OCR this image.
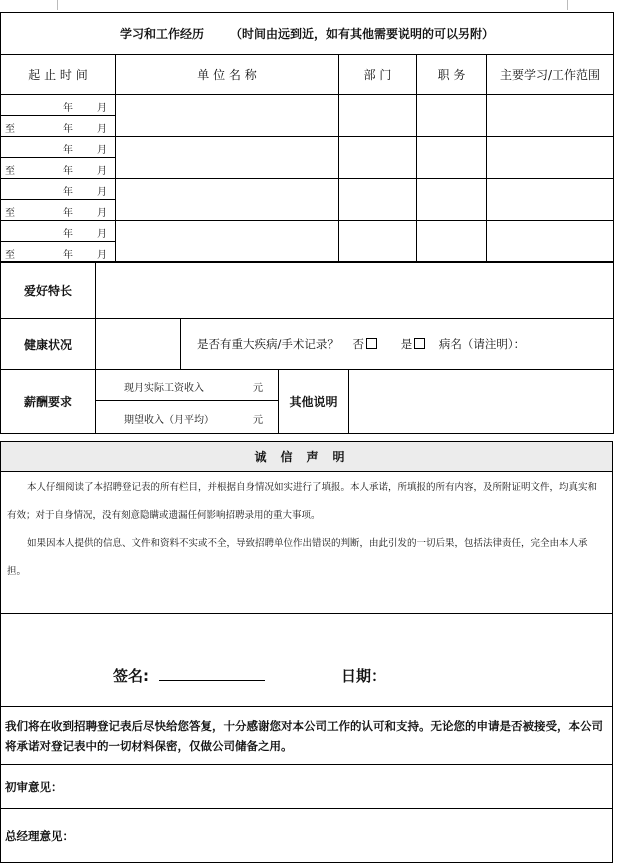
学习和工作经历 （时间由远到近，如有其他需要说明的可以另附）				
起 止 时 间	单 位 名 称	部 门	职 务	主要学习/工作范围

年 月				

至 年 月				

年 月				

至 年 月				

年 月				

至 年 月				

年 月				

至 年 月				
爱好特长				
健康状况		是否有重大疾病/手术记录？ 否 是 病名（请注明）：		
薪酬要求	现月实际工资收入 元		其他说明	

	期望收入（月平均） 元			
诚信声明

本人仔细阅读了本招聘登记表的所有栏目，并根据自身情况如实进行了填报。本人承诺，所填报的所有内容，及所附证明文件，均真实和有效；对于自身情况，没有刻意隐瞒或遗漏任何影响招聘录用的重大事项。

如果因本人提供的信息、文件和资料不实或不全，导致招聘单位作出错误的判断，由此引发的一切后果，包括法律责任，完全由本人承担。

签名:	日期：

我们将在收到招聘登记表后尽快给您答复，十分感谢您对本公司工作的认可和支持。无论您的申请是否被接受，本公司将承诺对登记表中的一切材料保密，仅做公司储备之用。
初审意见：
总经理意见：
